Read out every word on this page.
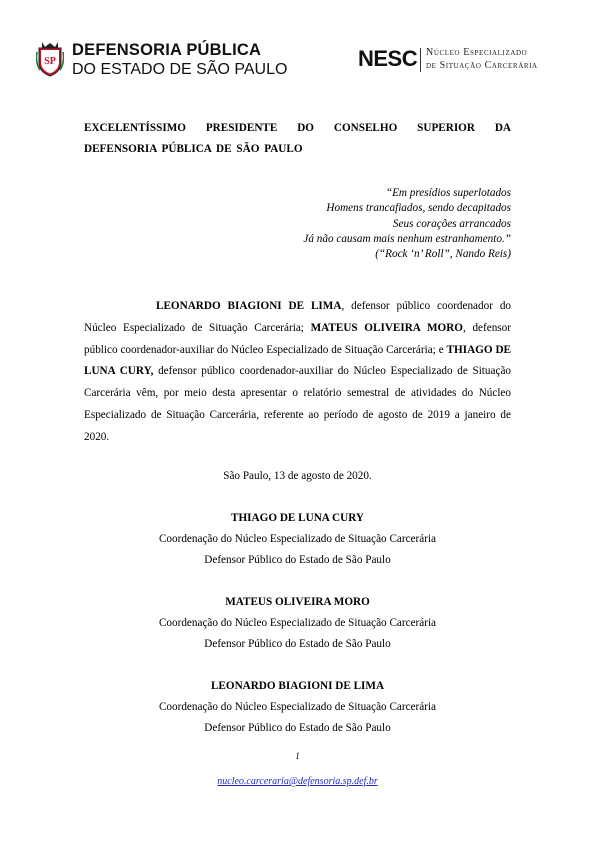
SP
DEFENSORIA PÚBLICA
DO ESTADO DE SÃO PAULO	NESC Núcleo Especializado
de Situação Carcerária
EXCELENTÍSSIMO PRESIDENTE DO CONSELHO SUPERIOR DA DEFENSORIA PÚBLICA DE SÃO PAULO
“Em presídios superlotados
Homens trancafiados, sendo decapitados
Seus corações arrancados
Já não causam mais nenhum estranhamento.”
(“Rock ‘n’ Roll”, Nando Reis)
LEONARDO BIAGIONI DE LIMA, defensor público coordenador do Núcleo Especializado de Situação Carcerária; MATEUS OLIVEIRA MORO, defensor público coordenador-auxiliar do Núcleo Especializado de Situação Carcerária; e THIAGO DE LUNA CURY, defensor público coordenador-auxiliar do Núcleo Especializado de Situação Carcerária vêm, por meio desta apresentar o relatório semestral de atividades do Núcleo Especializado de Situação Carcerária, referente ao período de agosto de 2019 a janeiro de 2020.
São Paulo, 13 de agosto de 2020.
THIAGO DE LUNA CURY
Coordenação do Núcleo Especializado de Situação Carcerária
Defensor Público do Estado de São Paulo
MATEUS OLIVEIRA MORO
Coordenação do Núcleo Especializado de Situação Carcerária
Defensor Público do Estado de São Paulo
LEONARDO BIAGIONI DE LIMA
Coordenação do Núcleo Especializado de Situação Carcerária
Defensor Público do Estado de São Paulo
1
nucleo.carceraria@defensoria.sp.def.br
